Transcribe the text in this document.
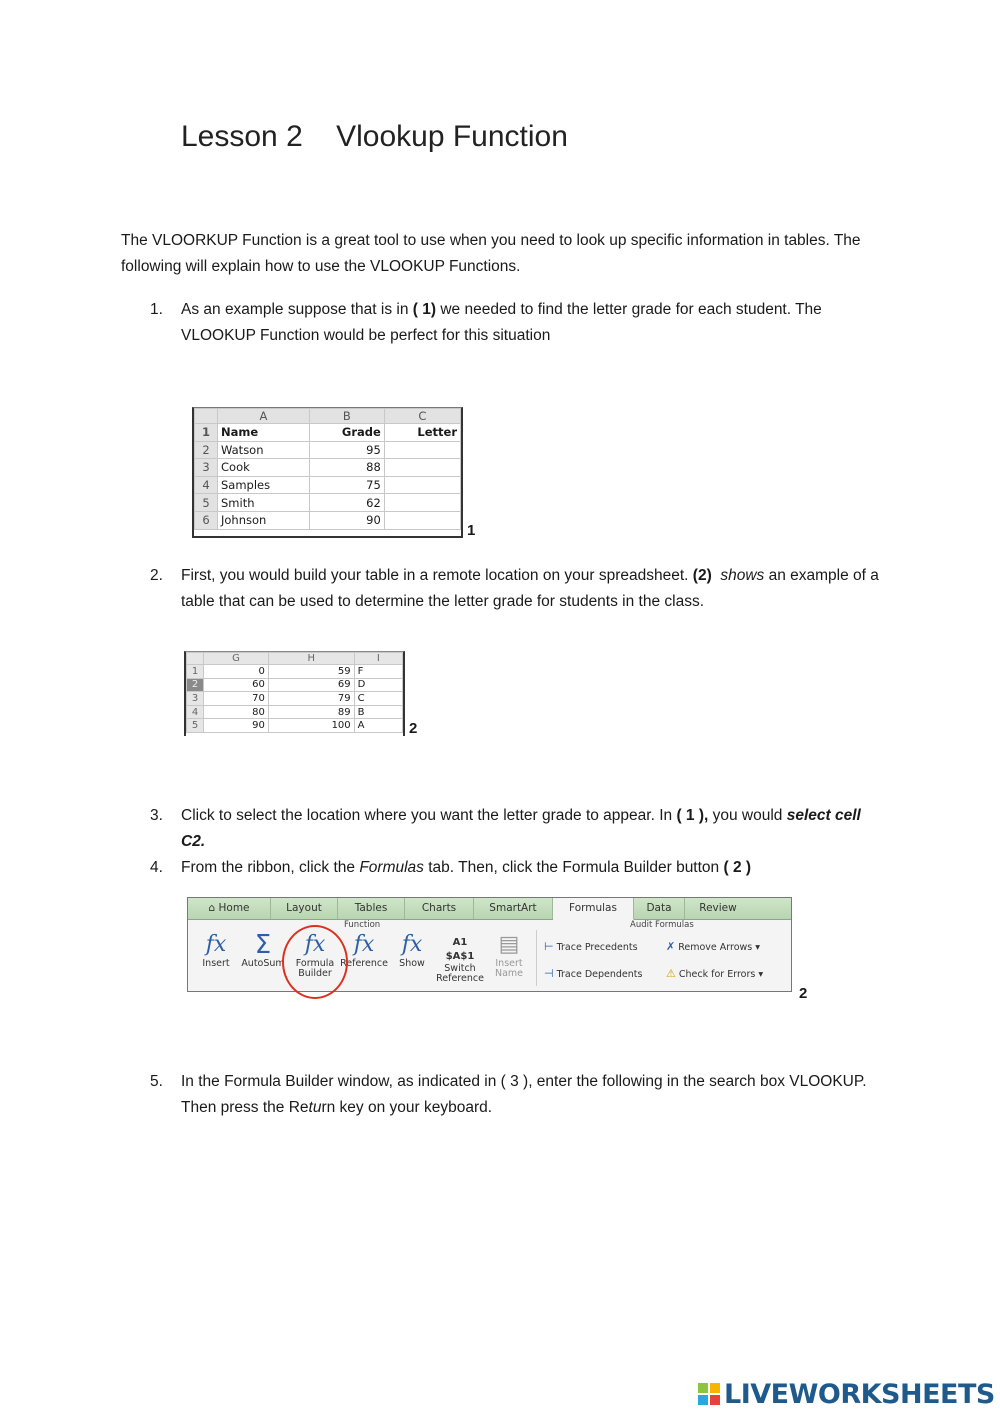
Lesson 2    Vlookup Function
The VLOORKUP Function is a great tool to use when you need to look up specific information in tables. The following will explain how to use the VLOOKUP Functions.
1. As an example suppose that is in ( 1) we needed to find the letter grade for each student. The VLOOKUP Function would be perfect for this situation
	A	B	C
1	Name	Grade	Letter
2	Watson	95	
3	Cook	88	
4	Samples	75	
5	Smith	62	
6	Johnson	90	
1
2. First, you would build your table in a remote location on your spreadsheet. (2) shows an example of a table that can be used to determine the letter grade for students in the class.
	G	H	I
1	0	59	F
2	60	69	D
3	70	79	C
4	80	89	B
5	90	100	A	2
3. Click to select the location where you want the letter grade to appear. In ( 1 ), you would select cell C2.
4. From the ribbon, click the Formulas tab. Then, click the Formula Builder button ( 2 )
⌂ Home	Layout	Tables	Charts	SmartArt	Formulas	Data	Review
Function	Audit Formulas
fx
Insert
Σ
AutoSum
fx
Formula
Builder
fx
Reference
fx
Show
A1
$A$1
Switch
Reference
▤
Insert
Name
⊢ Trace Precedents
⊣ Trace Dependents
✗ Remove Arrows ▾
⚠ Check for Errors ▾
2
5. In the Formula Builder window, as indicated in ( 3 ), enter the following in the search box VLOOKUP.
Then press the Return key on your keyboard.
LIVEWORKSHEETS
